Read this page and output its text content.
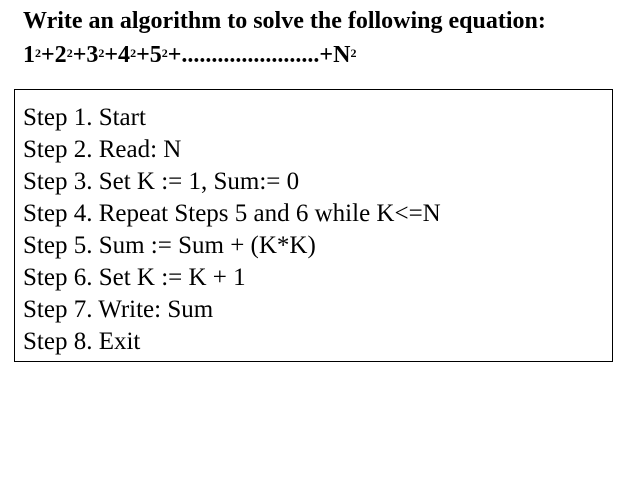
Write an algorithm to solve the following equation:
$1^2+2^2+3^2+4^2+5^2+.......................+N^2$
Step 1. Start
Step 2. Read: N
Step 3. Set K := 1, Sum:= 0
Step 4. Repeat Steps 5 and 6 while K<=N
Step 5. Sum := Sum + (K*K)
Step 6. Set K := K + 1
Step 7. Write: Sum
Step 8. Exit
